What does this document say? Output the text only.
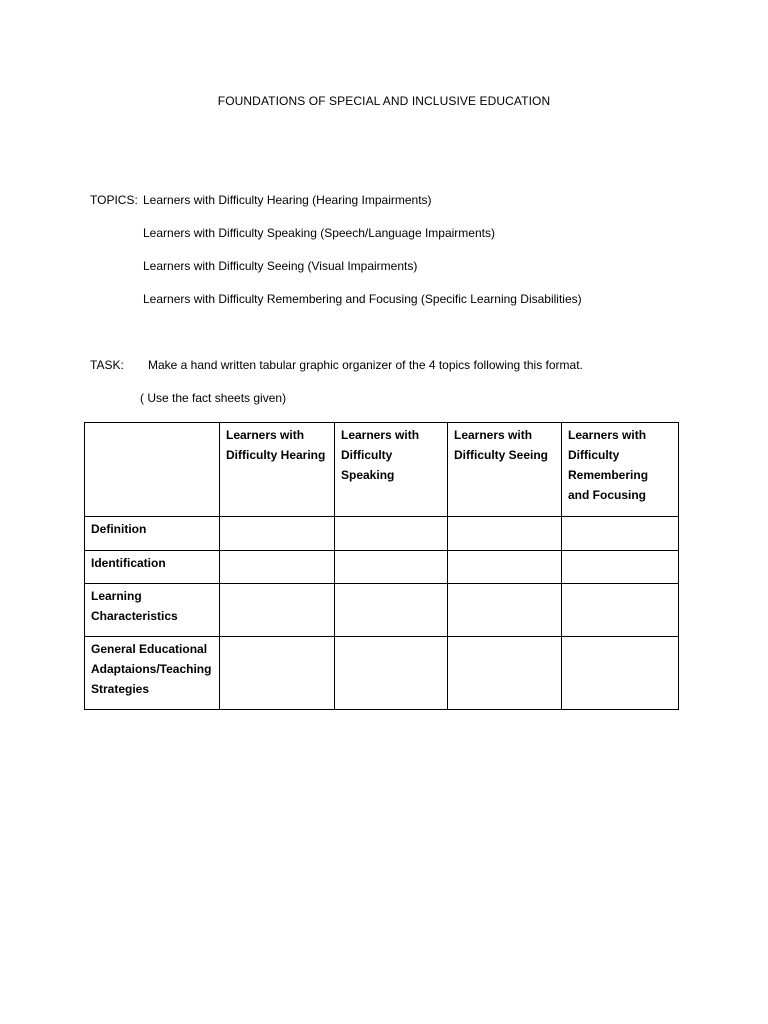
FOUNDATIONS OF SPECIAL AND INCLUSIVE EDUCATION
TOPICS: Learners with Difficulty Hearing (Hearing Impairments)
Learners with Difficulty Speaking (Speech/Language Impairments)
Learners with Difficulty Seeing (Visual Impairments)
Learners with Difficulty Remembering and Focusing (Specific Learning Disabilities)
TASK: Make a hand written tabular graphic organizer of the 4 topics following this format.
( Use the fact sheets given)
	Learners with Difficulty Hearing	Learners with Difficulty Speaking	Learners with Difficulty Seeing	Learners with Difficulty Remembering and Focusing
Definition				
Identification				
Learning Characteristics				
General Educational Adaptaions/Teaching Strategies				
